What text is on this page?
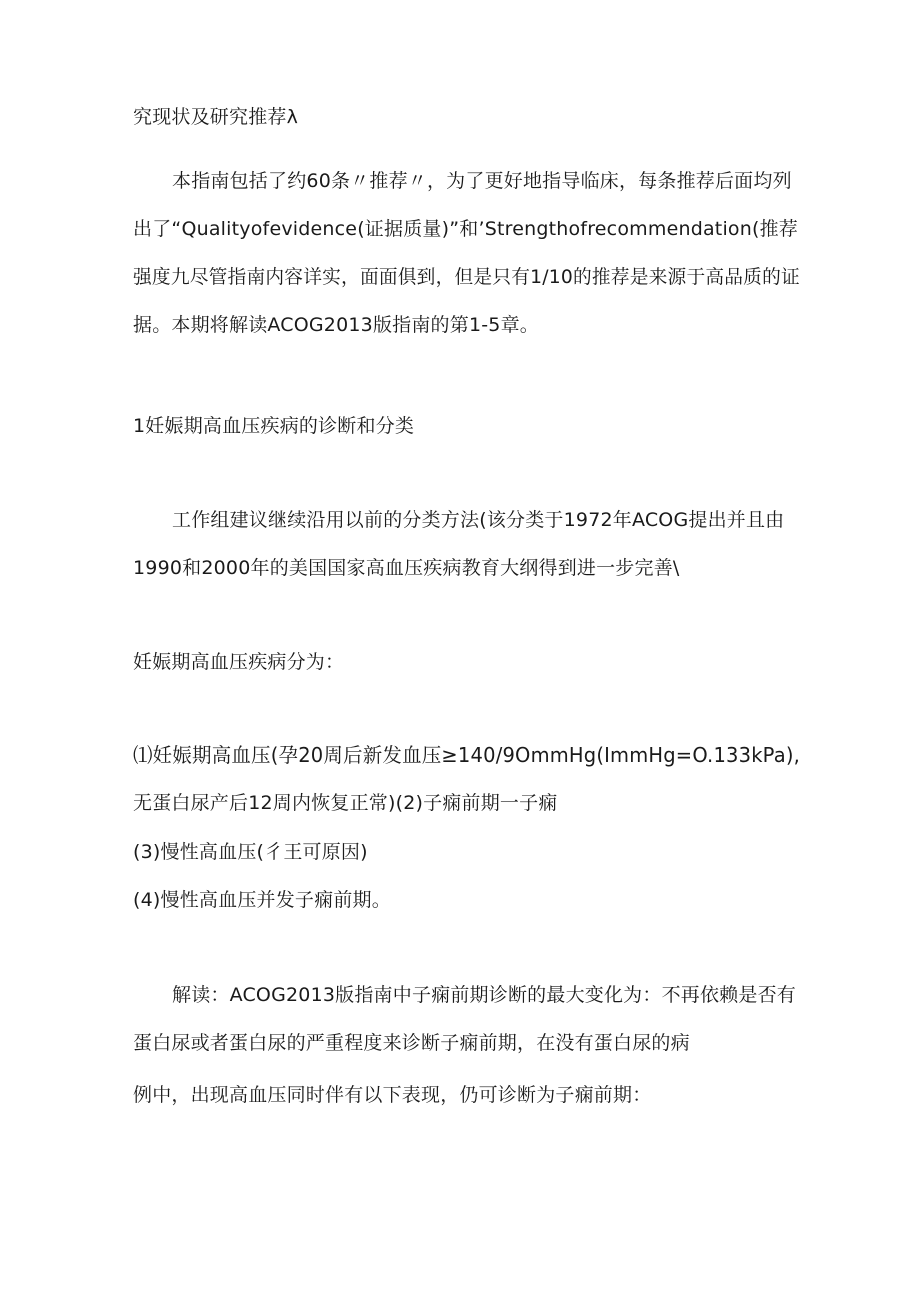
究现状及研究推荐λ
本指南包括了约60条〃推荐〃，为了更好地指导临床，每条推荐后面均列
出了“Qualityofevidence(证据质量)”和’Strengthofrecommendation(推荐
强度九尽管指南内容详实，面面俱到，但是只有1/10的推荐是来源于高品质的证
据。本期将解读ACOG2013版指南的第1-5章。
1妊娠期高血压疾病的诊断和分类
工作组建议继续沿用以前的分类方法(该分类于1972年ACOG提出并且由
1990和2000年的美国国家高血压疾病教育大纲得到进一步完善\
妊娠期高血压疾病分为：
⑴妊娠期高血压(孕20周后新发血压≥140/9OmmHg(ImmHg=O.133kPa),
无蛋白尿产后12周内恢复正常)(2)子痫前期一子痫
(3)慢性高血压(彳王可原因)
(4)慢性高血压并发子痫前期。
解读：ACOG2013版指南中子痫前期诊断的最大变化为：不再依赖是否有
蛋白尿或者蛋白尿的严重程度来诊断子痫前期，在没有蛋白尿的病
例中，出现高血压同时伴有以下表现，仍可诊断为子痫前期：
